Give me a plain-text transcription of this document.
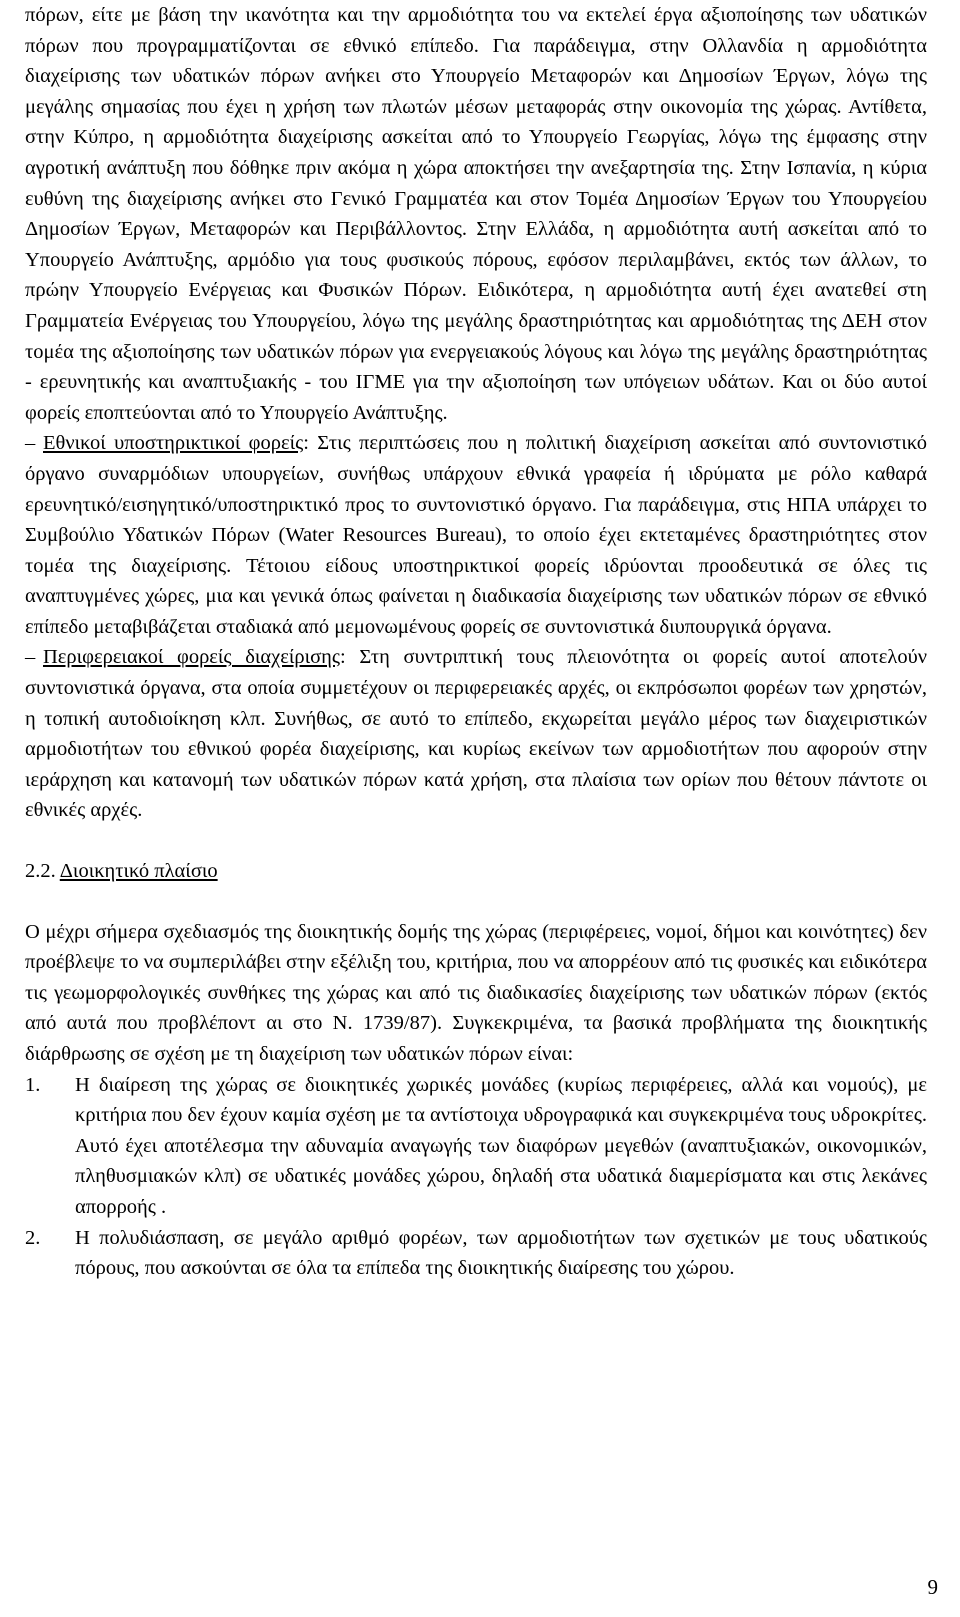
πόρων, είτε με βάση την ικανότητα και την αρμοδιότητα του να εκτελεί έργα αξιοποίησης των υδατικών πόρων που προγραμματίζονται σε εθνικό επίπεδο. Για παράδειγμα, στην Ολλανδία η αρμοδιότητα διαχείρισης των υδατικών πόρων ανήκει στο Υπουργείο Μεταφορών και Δημοσίων Έργων, λόγω της μεγάλης σημασίας που έχει η χρήση των πλωτών μέσων μεταφοράς στην οικονομία της χώρας. Αντίθετα, στην Κύπρο, η αρμοδιότητα διαχείρισης ασκείται από το Υπουργείο Γεωργίας, λόγω της έμφασης στην αγροτική ανάπτυξη που δόθηκε πριν ακόμα η χώρα αποκτήσει την ανεξαρτησία της. Στην Ισπανία, η κύρια ευθύνη της διαχείρισης ανήκει στο Γενικό Γραμματέα και στον Τομέα Δημοσίων Έργων του Υπουργείου Δημοσίων Έργων, Μεταφορών και Περιβάλλοντος. Στην Ελλάδα, η αρμοδιότητα αυτή ασκείται από το Υπουργείο Ανάπτυξης, αρμόδιο για τους φυσικούς πόρους, εφόσον περιλαμβάνει, εκτός των άλλων, το πρώην Υπουργείο Ενέργειας και Φυσικών Πόρων. Ειδικότερα, η αρμοδιότητα αυτή έχει ανατεθεί στη Γραμματεία Ενέργειας του Υπουργείου, λόγω της μεγάλης δραστηριότητας και αρμοδιότητας της ΔΕΗ στον τομέα της αξιοποίησης των υδατικών πόρων για ενεργειακούς λόγους και λόγω της μεγάλης δραστηριότητας - ερευνητικής και αναπτυξιακής - του ΙΓΜΕ για την αξιοποίηση των υπόγειων υδάτων. Και οι δύο αυτοί φορείς εποπτεύονται από το Υπουργείο Ανάπτυξης.

– Εθνικοί υποστηρικτικοί φορείς: Στις περιπτώσεις που η πολιτική διαχείριση ασκείται από συντονιστικό όργανο συναρμόδιων υπουργείων, συνήθως υπάρχουν εθνικά γραφεία ή ιδρύματα με ρόλο καθαρά ερευνητικό/εισηγητικό/υποστηρικτικό προς το συντονιστικό όργανο. Για παράδειγμα, στις ΗΠΑ υπάρχει το Συμβούλιο Υδατικών Πόρων (Water Resources Bureau), το οποίο έχει εκτεταμένες δραστηριότητες στον τομέα της διαχείρισης. Τέτοιου είδους υποστηρικτικοί φορείς ιδρύονται προοδευτικά σε όλες τις αναπτυγμένες χώρες, μια και γενικά όπως φαίνεται η διαδικασία διαχείρισης των υδατικών πόρων σε εθνικό επίπεδο μεταβιβάζεται σταδιακά από μεμονωμένους φορείς σε συντονιστικά διυπουργικά όργανα.

– Περιφερειακοί φορείς διαχείρισης: Στη συντριπτική τους πλειονότητα οι φορείς αυτοί αποτελούν συντονιστικά όργανα, στα οποία συμμετέχουν οι περιφερειακές αρχές, οι εκπρόσωποι φορέων των χρηστών, η τοπική αυτοδιοίκηση κλπ. Συνήθως, σε αυτό το επίπεδο, εκχωρείται μεγάλο μέρος των διαχειριστικών αρμοδιοτήτων του εθνικού φορέα διαχείρισης, και κυρίως εκείνων των αρμοδιοτήτων που αφορούν στην ιεράρχηση και κατανομή των υδατικών πόρων κατά χρήση, στα πλαίσια των ορίων που θέτουν πάντοτε οι εθνικές αρχές.

2.2. Διοικητικό πλαίσιο

Ο μέχρι σήμερα σχεδιασμός της διοικητικής δομής της χώρας (περιφέρειες, νομοί, δήμοι και κοινότητες) δεν προέβλεψε το να συμπεριλάβει στην εξέλιξη του, κριτήρια, που να απορρέουν από τις φυσικές και ειδικότερα τις γεωμορφολογικές συνθήκες της χώρας και από τις διαδικασίες διαχείρισης των υδατικών πόρων (εκτός από αυτά που προβλέποντ αι στο Ν. 1739/87). Συγκεκριμένα, τα βασικά προβλήματα της διοικητικής διάρθρωσης σε σχέση με τη διαχείριση των υδατικών πόρων είναι:

1. Η διαίρεση της χώρας σε διοικητικές χωρικές μονάδες (κυρίως περιφέρειες, αλλά και νομούς), με κριτήρια που δεν έχουν καμία σχέση με τα αντίστοιχα υδρογραφικά και συγκεκριμένα τους υδροκρίτες. Αυτό έχει αποτέλεσμα την αδυναμία αναγωγής των διαφόρων μεγεθών (αναπτυξιακών, οικονομικών, πληθυσμιακών κλπ) σε υδατικές μονάδες χώρου, δηλαδή στα υδατικά διαμερίσματα και στις λεκάνες απορροής .

2. Η πολυδιάσπαση, σε μεγάλο αριθμό φορέων, των αρμοδιοτήτων των σχετικών με τους υδατικούς πόρους, που ασκούνται σε όλα τα επίπεδα της διοικητικής διαίρεσης του χώρου.

9
